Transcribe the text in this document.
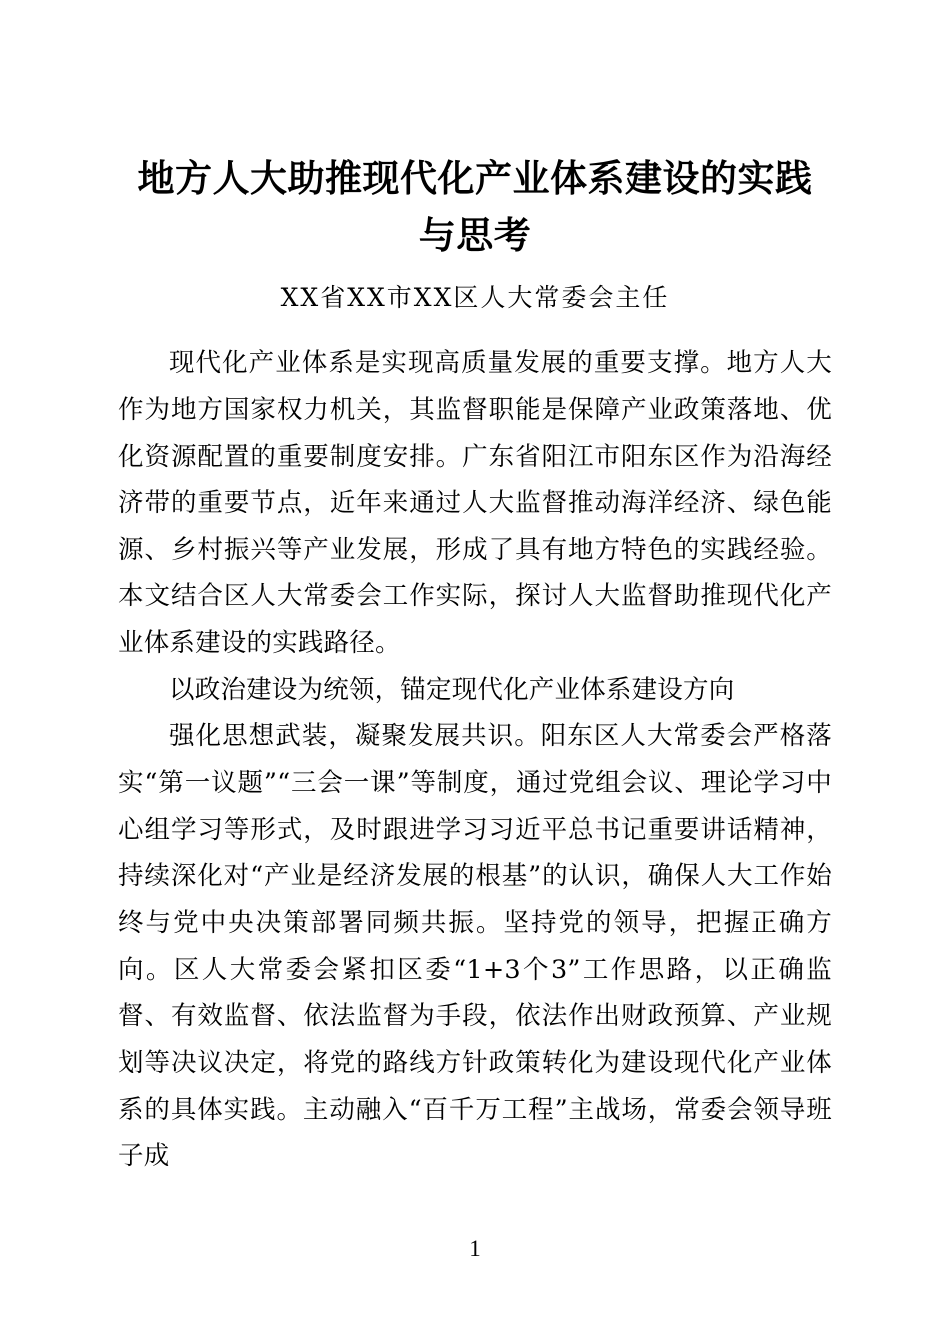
地方人大助推现代化产业体系建设的实践与思考
XX省XX市XX区人大常委会主任

现代化产业体系是实现高质量发展的重要支撑。地方人大作为地方国家权力机关，其监督职能是保障产业政策落地、优化资源配置的重要制度安排。广东省阳江市阳东区作为沿海经济带的重要节点，近年来通过人大监督推动海洋经济、绿色能源、乡村振兴等产业发展，形成了具有地方特色的实践经验。本文结合区人大常委会工作实际，探讨人大监督助推现代化产业体系建设的实践路径。

以政治建设为统领，锚定现代化产业体系建设方向

强化思想武装，凝聚发展共识。阳东区人大常委会严格落实“第一议题”“三会一课”等制度，通过党组会议、理论学习中心组学习等形式，及时跟进学习习近平总书记重要讲话精神，持续深化对“产业是经济发展的根基”的认识，确保人大工作始终与党中央决策部署同频共振。坚持党的领导，把握正确方向。区人大常委会紧扣区委“1+3个3”工作思路，以正确监督、有效监督、依法监督为手段，依法作出财政预算、产业规划等决议决定，将党的路线方针政策转化为建设现代化产业体系的具体实践。主动融入“百千万工程”主战场，常委会领导班子成

1
